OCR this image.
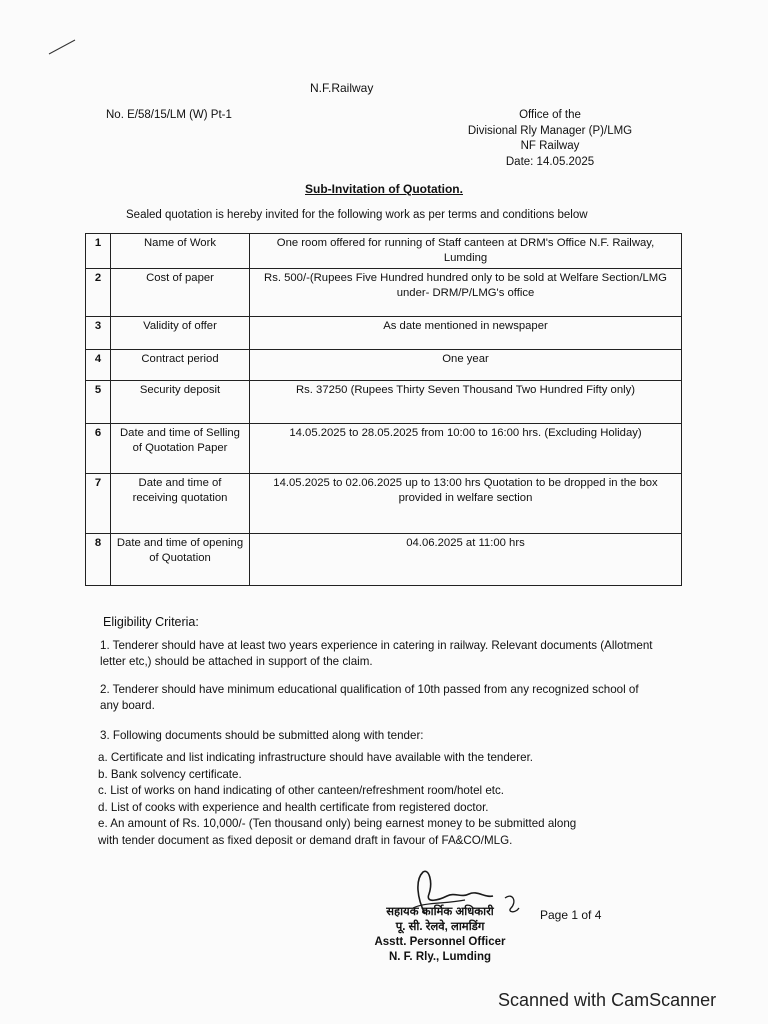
N.F.Railway
No. E/58/15/LM (W) Pt-1	Office of the
Divisional Rly Manager (P)/LMG
NF Railway
Date: 14.05.2025
Sub-Invitation of Quotation.
Sealed quotation is hereby invited for the following work as per terms and conditions below
1	Name of Work	One room offered for running of Staff canteen at DRM's Office N.F. Railway, Lumding
2	Cost of paper	Rs. 500/-(Rupees Five Hundred hundred only to be sold at Welfare Section/LMG under- DRM/P/LMG's office
3	Validity of offer	As date mentioned in newspaper
4	Contract period	One year
5	Security deposit	Rs. 37250 (Rupees Thirty Seven Thousand Two Hundred Fifty only)
6	Date and time of Selling of Quotation Paper	14.05.2025 to 28.05.2025 from 10:00 to 16:00 hrs. (Excluding Holiday)
7	Date and time of receiving quotation	14.05.2025 to 02.06.2025 up to 13:00 hrs Quotation to be dropped in the box provided in welfare section
8	Date and time of opening of Quotation	04.06.2025 at 11:00 hrs
Eligibility Criteria:
1. Tenderer should have at least two years experience in catering in railway. Relevant documents (Allotment letter etc,) should be attached in support of the claim.
2. Tenderer should have minimum educational qualification of 10th passed from any recognized school of any board.
3. Following documents should be submitted along with tender:
a. Certificate and list indicating infrastructure should have available with the tenderer.
b. Bank solvency certificate.
c. List of works on hand indicating of other canteen/refreshment room/hotel etc.
d. List of cooks with experience and health certificate from registered doctor.
e. An amount of Rs. 10,000/- (Ten thousand only) being earnest money to be submitted along
with tender document as fixed deposit or demand draft in favour of FA&CO/MLG.
सहायक कार्मिक अधिकारी
पू. सी. रेलवे, लामडिंग
Asstt. Personnel Officer
N. F. Rly., Lumding
Page 1 of 4
Scanned with CamScanner
